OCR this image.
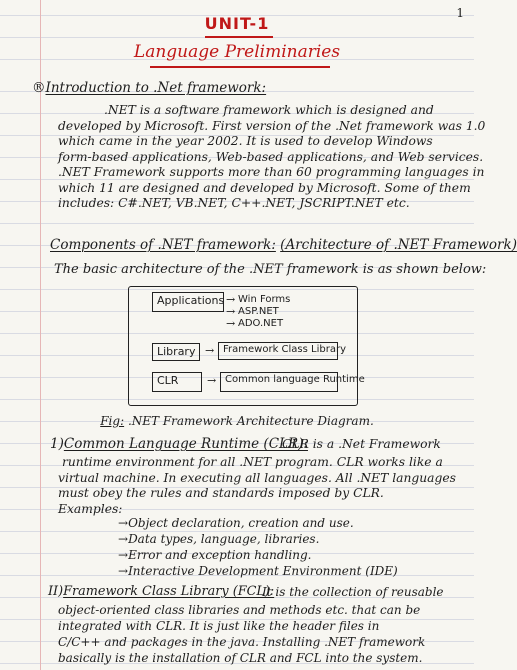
1
UNIT-1
Language Preliminaries
®Introduction to .Net framework:

.NET is a software framework which is designed and

developed by Microsoft. First version of the .Net framework was 1.0

which came in the year 2002. It is used to develop Windows

form-based applications, Web-based applications, and Web services.

.NET Framework supports more than 60 programming languages in

which 11 are designed and developed by Microsoft. Some of them

includes: C#.NET, VB.NET, C++.NET, JSCRIPT.NET etc.

Components of .NET framework: (Architecture of .NET Framework)

The basic architecture of the .NET framework is as shown below:

Applications → Win Forms
→ ASP.NET
→ ADO.NET
Library → Framework Class Library
CLR	→ Common language Runtime
Fig: .NET Framework Architecture Diagram.
1)Common Language Runtime (CLR):

CLR is a .Net Framework

runtime environment for all .NET program. CLR works like a

virtual machine. In executing all languages. All .NET languages

must obey the rules and standards imposed by CLR.

Examples:

→Object declaration, creation and use.
→Data types, language, libraries.
→Error and exception handling.
→Interactive Development Environment (IDE)
II)Framework Class Library (FCL):

It is the collection of reusable

object-oriented class libraries and methods etc. that can be

integrated with CLR. It is just like the header files in

C/C++ and packages in the java. Installing .NET framework

basically is the installation of CLR and FCL into the system.
